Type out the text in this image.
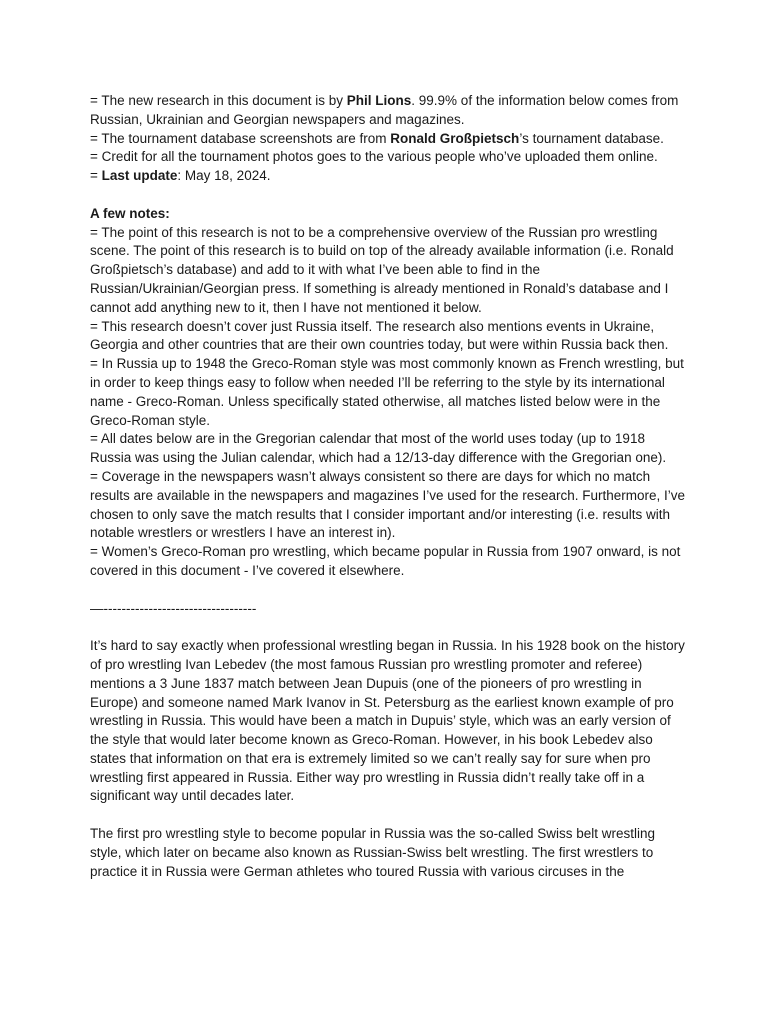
= The new research in this document is by Phil Lions. 99.9% of the information below comes from Russian, Ukrainian and Georgian newspapers and magazines.

= The tournament database screenshots are from Ronald Großpietsch’s tournament database.

= Credit for all the tournament photos goes to the various people who’ve uploaded them online.

= Last update: May 18, 2024.

A few notes:

= The point of this research is not to be a comprehensive overview of the Russian pro wrestling scene. The point of this research is to build on top of the already available information (i.e. Ronald Großpietsch’s database) and add to it with what I’ve been able to find in the Russian/Ukrainian/Georgian press. If something is already mentioned in Ronald’s database and I cannot add anything new to it, then I have not mentioned it below.

= This research doesn’t cover just Russia itself. The research also mentions events in Ukraine, Georgia and other countries that are their own countries today, but were within Russia back then.

= In Russia up to 1948 the Greco-Roman style was most commonly known as French wrestling, but in order to keep things easy to follow when needed I’ll be referring to the style by its international name - Greco-Roman. Unless specifically stated otherwise, all matches listed below were in the Greco-Roman style.

= All dates below are in the Gregorian calendar that most of the world uses today (up to 1918 Russia was using the Julian calendar, which had a 12/13-day difference with the Gregorian one).

= Coverage in the newspapers wasn’t always consistent so there are days for which no match results are available in the newspapers and magazines I’ve used for the research. Furthermore, I’ve chosen to only save the match results that I consider important and/or interesting (i.e. results with notable wrestlers or wrestlers I have an interest in).

= Women’s Greco-Roman pro wrestling, which became popular in Russia from 1907 onward, is not covered in this document - I’ve covered it elsewhere.

—----------------------------------

It’s hard to say exactly when professional wrestling began in Russia. In his 1928 book on the history of pro wrestling Ivan Lebedev (the most famous Russian pro wrestling promoter and referee) mentions a 3 June 1837 match between Jean Dupuis (one of the pioneers of pro wrestling in Europe) and someone named Mark Ivanov in St. Petersburg as the earliest known example of pro wrestling in Russia. This would have been a match in Dupuis’ style, which was an early version of the style that would later become known as Greco-Roman. However, in his book Lebedev also states that information on that era is extremely limited so we can’t really say for sure when pro wrestling first appeared in Russia. Either way pro wrestling in Russia didn’t really take off in a significant way until decades later.

The first pro wrestling style to become popular in Russia was the so-called Swiss belt wrestling style, which later on became also known as Russian-Swiss belt wrestling. The first wrestlers to practice it in Russia were German athletes who toured Russia with various circuses in the
